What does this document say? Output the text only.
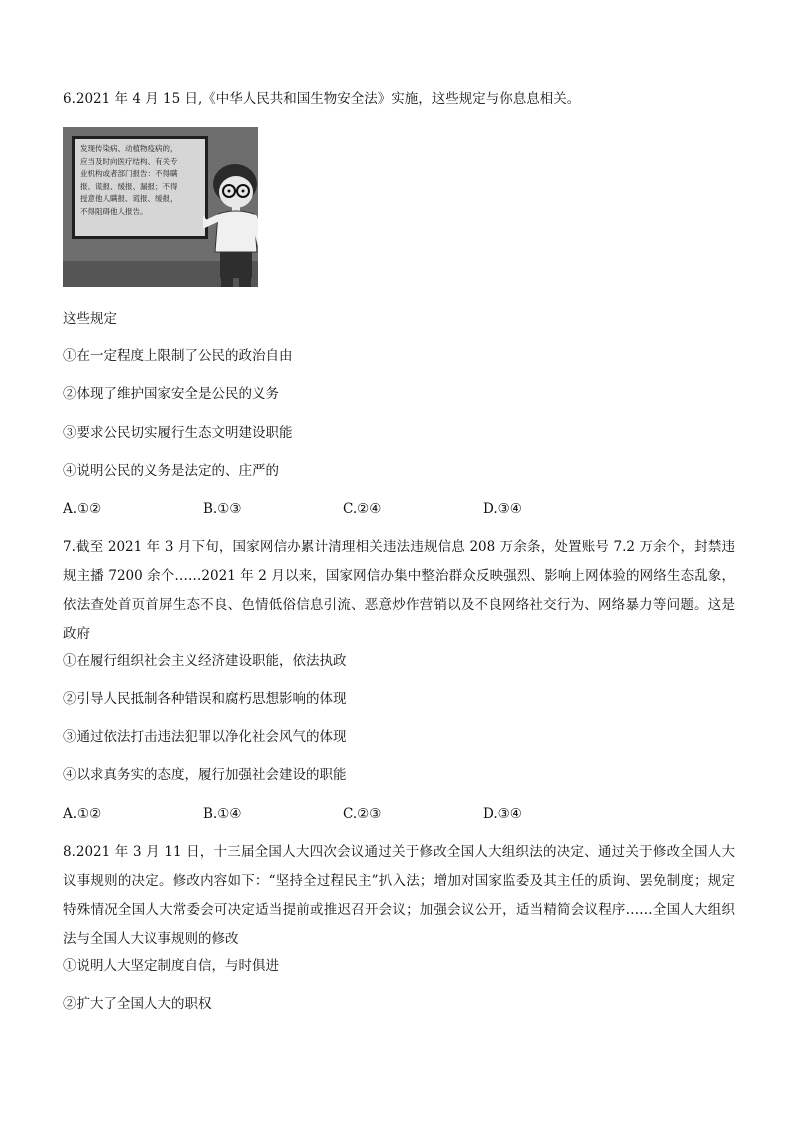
6.2021 年 4 月 15 日,《中华人民共和国生物安全法》实施，这些规定与你息息相关。
发现传染病、动植物疫病的，
应当及时向医疗结构、有关专
业机构或者部门报告：不得瞒
报、谎报、缓报、漏报；不得
授意他人瞒报、谎报、缓报，
不得阻碍他人报告。
这些规定
①在一定程度上限制了公民的政治自由
②体现了维护国家安全是公民的义务
③要求公民切实履行生态文明建设职能
④说明公民的义务是法定的、庄严的
A.①②	B.①③	C.②④	D.③④
7.截至 2021 年 3 月下旬，国家网信办累计清理相关违法违规信息 208 万余条，处置账号 7.2 万余个，封禁违规主播 7200 余个……2021 年 2 月以来，国家网信办集中整治群众反映强烈、影响上网体验的网络生态乱象，依法查处首页首屏生态不良、色情低俗信息引流、恶意炒作营销以及不良网络社交行为、网络暴力等问题。这是政府
①在履行组织社会主义经济建设职能，依法执政
②引导人民抵制各种错误和腐朽思想影响的体现
③通过依法打击违法犯罪以净化社会风气的体现
④以求真务实的态度，履行加强社会建设的职能
A.①②	B.①④	C.②③	D.③④
8.2021 年 3 月 11 日，十三届全国人大四次会议通过关于修改全国人大组织法的决定、通过关于修改全国人大议事规则的决定。修改内容如下：“坚持全过程民主”扒入法；增加对国家监委及其主任的质询、罢免制度；规定特殊情况全国人大常委会可决定适当提前或推迟召开会议；加强会议公开，适当精简会议程序……全国人大组织法与全国人大议事规则的修改
①说明人大坚定制度自信，与时俱进
②扩大了全国人大的职权
